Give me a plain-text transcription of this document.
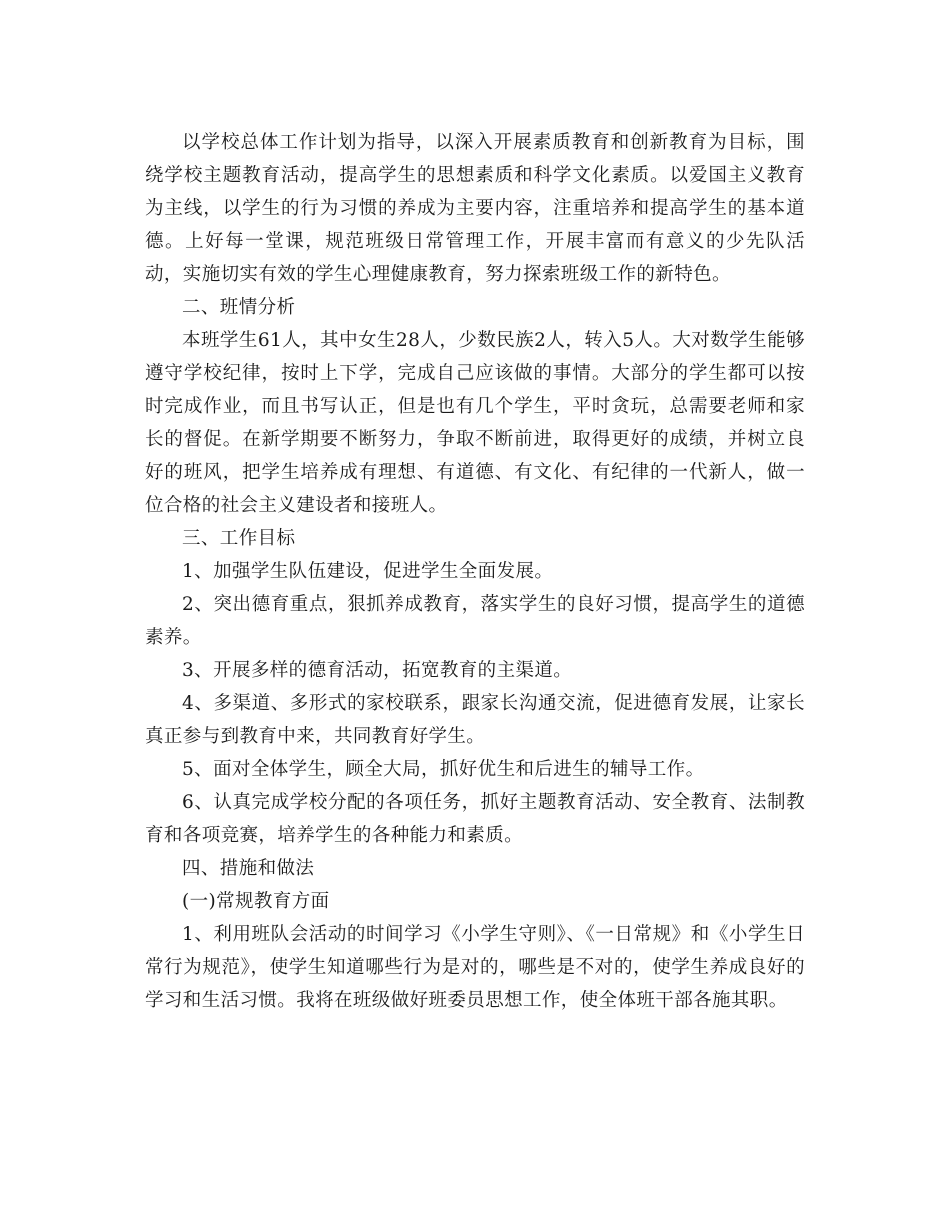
以学校总体工作计划为指导，以深入开展素质教育和创新教育为目标，围绕学校主题教育活动，提高学生的思想素质和科学文化素质。以爱国主义教育为主线，以学生的行为习惯的养成为主要内容，注重培养和提高学生的基本道德。上好每一堂课，规范班级日常管理工作，开展丰富而有意义的少先队活动，实施切实有效的学生心理健康教育，努力探索班级工作的新特色。

二、班情分析

本班学生61人，其中女生28人，少数民族2人，转入5人。大对数学生能够遵守学校纪律，按时上下学，完成自己应该做的事情。大部分的学生都可以按时完成作业，而且书写认正，但是也有几个学生，平时贪玩，总需要老师和家长的督促。在新学期要不断努力，争取不断前进，取得更好的成绩，并树立良好的班风，把学生培养成有理想、有道德、有文化、有纪律的一代新人，做一位合格的社会主义建设者和接班人。

三、工作目标

1、加强学生队伍建设，促进学生全面发展。

2、突出德育重点，狠抓养成教育，落实学生的良好习惯，提高学生的道德素养。

3、开展多样的德育活动，拓宽教育的主渠道。

4、多渠道、多形式的家校联系，跟家长沟通交流，促进德育发展，让家长真正参与到教育中来，共同教育好学生。

5、面对全体学生，顾全大局，抓好优生和后进生的辅导工作。

6、认真完成学校分配的各项任务，抓好主题教育活动、安全教育、法制教育和各项竞赛，培养学生的各种能力和素质。

四、措施和做法

(一)常规教育方面

1、利用班队会活动的时间学习《小学生守则》、《一日常规》和《小学生日常行为规范》，使学生知道哪些行为是对的，哪些是不对的，使学生养成良好的学习和生活习惯。我将在班级做好班委员思想工作，使全体班干部各施其职。
